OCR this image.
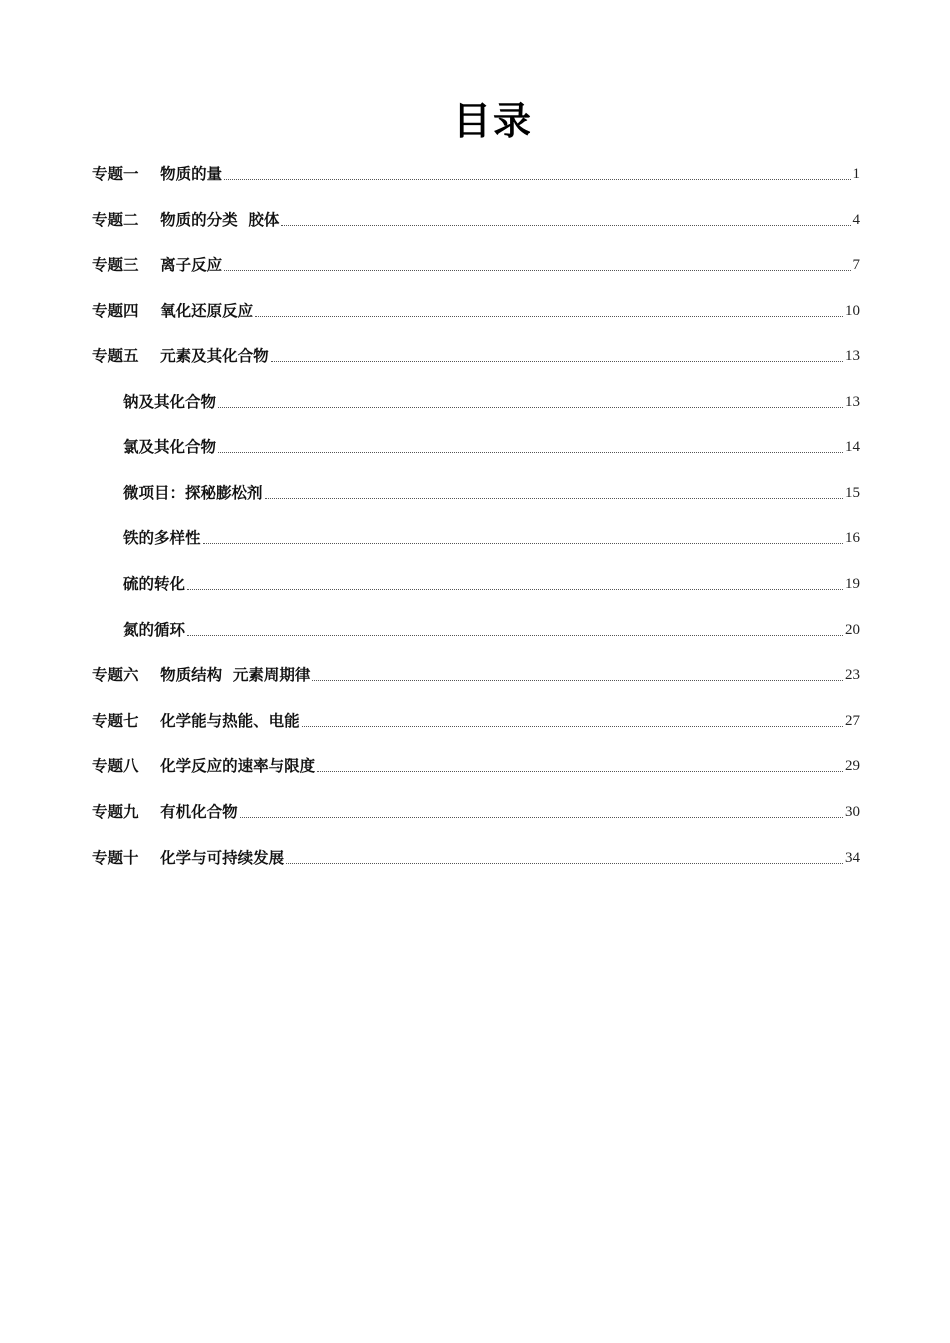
目录
专题一    物质的量	1
专题二    物质的分类  胶体	4
专题三    离子反应	7
专题四    氧化还原反应	10
专题五    元素及其化合物	13
钠及其化合物	13
氯及其化合物	14
微项目：探秘膨松剂	15
铁的多样性	16
硫的转化	19
氮的循环	20
专题六    物质结构  元素周期律	23
专题七    化学能与热能、电能	27
专题八    化学反应的速率与限度	29
专题九    有机化合物	30
专题十    化学与可持续发展	34
